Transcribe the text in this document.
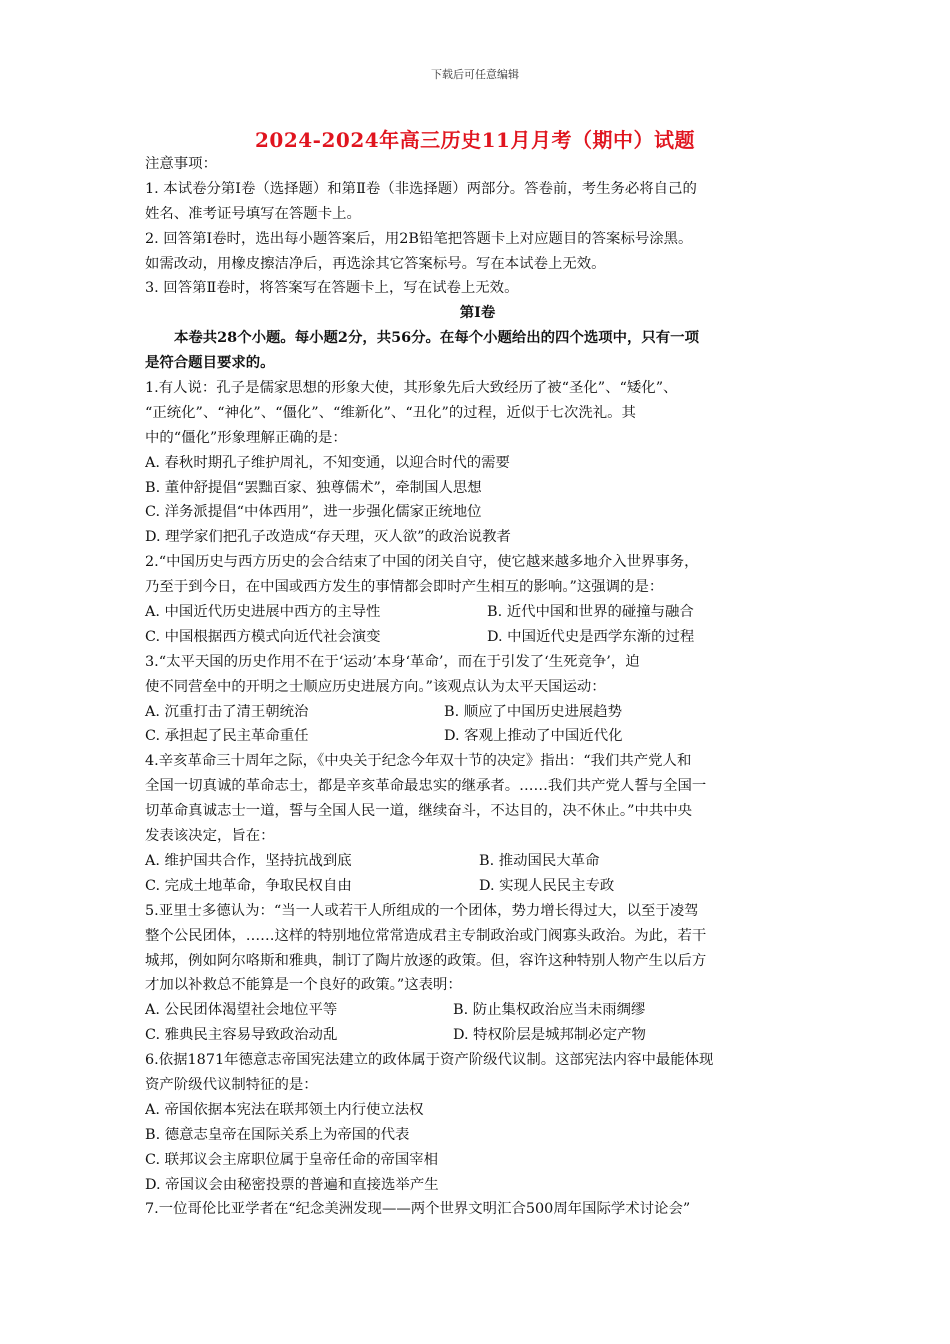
下载后可任意编辑
2024-2024年高三历史11月月考（期中）试题
注意事项：
1. 本试卷分第Ⅰ卷（选择题）和第Ⅱ卷（非选择题）两部分。答卷前，考生务必将自己的
姓名、准考证号填写在答题卡上。
2. 回答第Ⅰ卷时，选出每小题答案后，用2B铅笔把答题卡上对应题目的答案标号涂黑。
如需改动，用橡皮擦洁净后，再选涂其它答案标号。写在本试卷上无效。
3. 回答第Ⅱ卷时，将答案写在答题卡上，写在试卷上无效。
第Ⅰ卷
本卷共28个小题。每小题2分，共56分。在每个小题给出的四个选项中，只有一项
是符合题目要求的。
1.有人说：孔子是儒家思想的形象大使，其形象先后大致经历了被“圣化”、“矮化”、
“正统化”、“神化”、“僵化”、“维新化”、“丑化”的过程，近似于七次洗礼。其
中的“僵化”形象理解正确的是：
A. 春秋时期孔子维护周礼，不知变通，以迎合时代的需要
B. 董仲舒提倡“罢黜百家、独尊儒术”，牵制国人思想
C. 洋务派提倡“中体西用”，进一步强化儒家正统地位
D. 理学家们把孔子改造成“存天理，灭人欲”的政治说教者
2.“中国历史与西方历史的会合结束了中国的闭关自守，使它越来越多地介入世界事务，
乃至于到今日，在中国或西方发生的事情都会即时产生相互的影响。”这强调的是：
A. 中国近代历史进展中西方的主导性	B. 近代中国和世界的碰撞与融合
C. 中国根据西方模式向近代社会演变	D. 中国近代史是西学东渐的过程
3.“太平天国的历史作用不在于‘运动’本身‘革命’，而在于引发了‘生死竞争’，迫
使不同营垒中的开明之士顺应历史进展方向。”该观点认为太平天国运动：
A. 沉重打击了清王朝统治	B. 顺应了中国历史进展趋势
C. 承担起了民主革命重任	D. 客观上推动了中国近代化
4.辛亥革命三十周年之际，《中央关于纪念今年双十节的决定》指出：“我们共产党人和
全国一切真诚的革命志士，都是辛亥革命最忠实的继承者。……我们共产党人誓与全国一
切革命真诚志士一道，誓与全国人民一道，继续奋斗，不达目的，决不休止。”中共中央
发表该决定，旨在：
A. 维护国共合作，坚持抗战到底	B. 推动国民大革命
C. 完成土地革命，争取民权自由	D. 实现人民民主专政
5.亚里士多德认为：“当一人或若干人所组成的一个团体，势力增长得过大，以至于凌驾
整个公民团体，……这样的特别地位常常造成君主专制政治或门阀寡头政治。为此，若干
城邦，例如阿尔咯斯和雅典，制订了陶片放逐的政策。但，容许这种特别人物产生以后方
才加以补救总不能算是一个良好的政策。”这表明：
A. 公民团体渴望社会地位平等	B. 防止集权政治应当未雨绸缪
C. 雅典民主容易导致政治动乱	D. 特权阶层是城邦制必定产物
6.依据1871年德意志帝国宪法建立的政体属于资产阶级代议制。这部宪法内容中最能体现
资产阶级代议制特征的是：
A. 帝国依据本宪法在联邦领土内行使立法权
B. 德意志皇帝在国际关系上为帝国的代表
C. 联邦议会主席职位属于皇帝任命的帝国宰相
D. 帝国议会由秘密投票的普遍和直接选举产生
7.一位哥伦比亚学者在“纪念美洲发现——两个世界文明汇合500周年国际学术讨论会”
